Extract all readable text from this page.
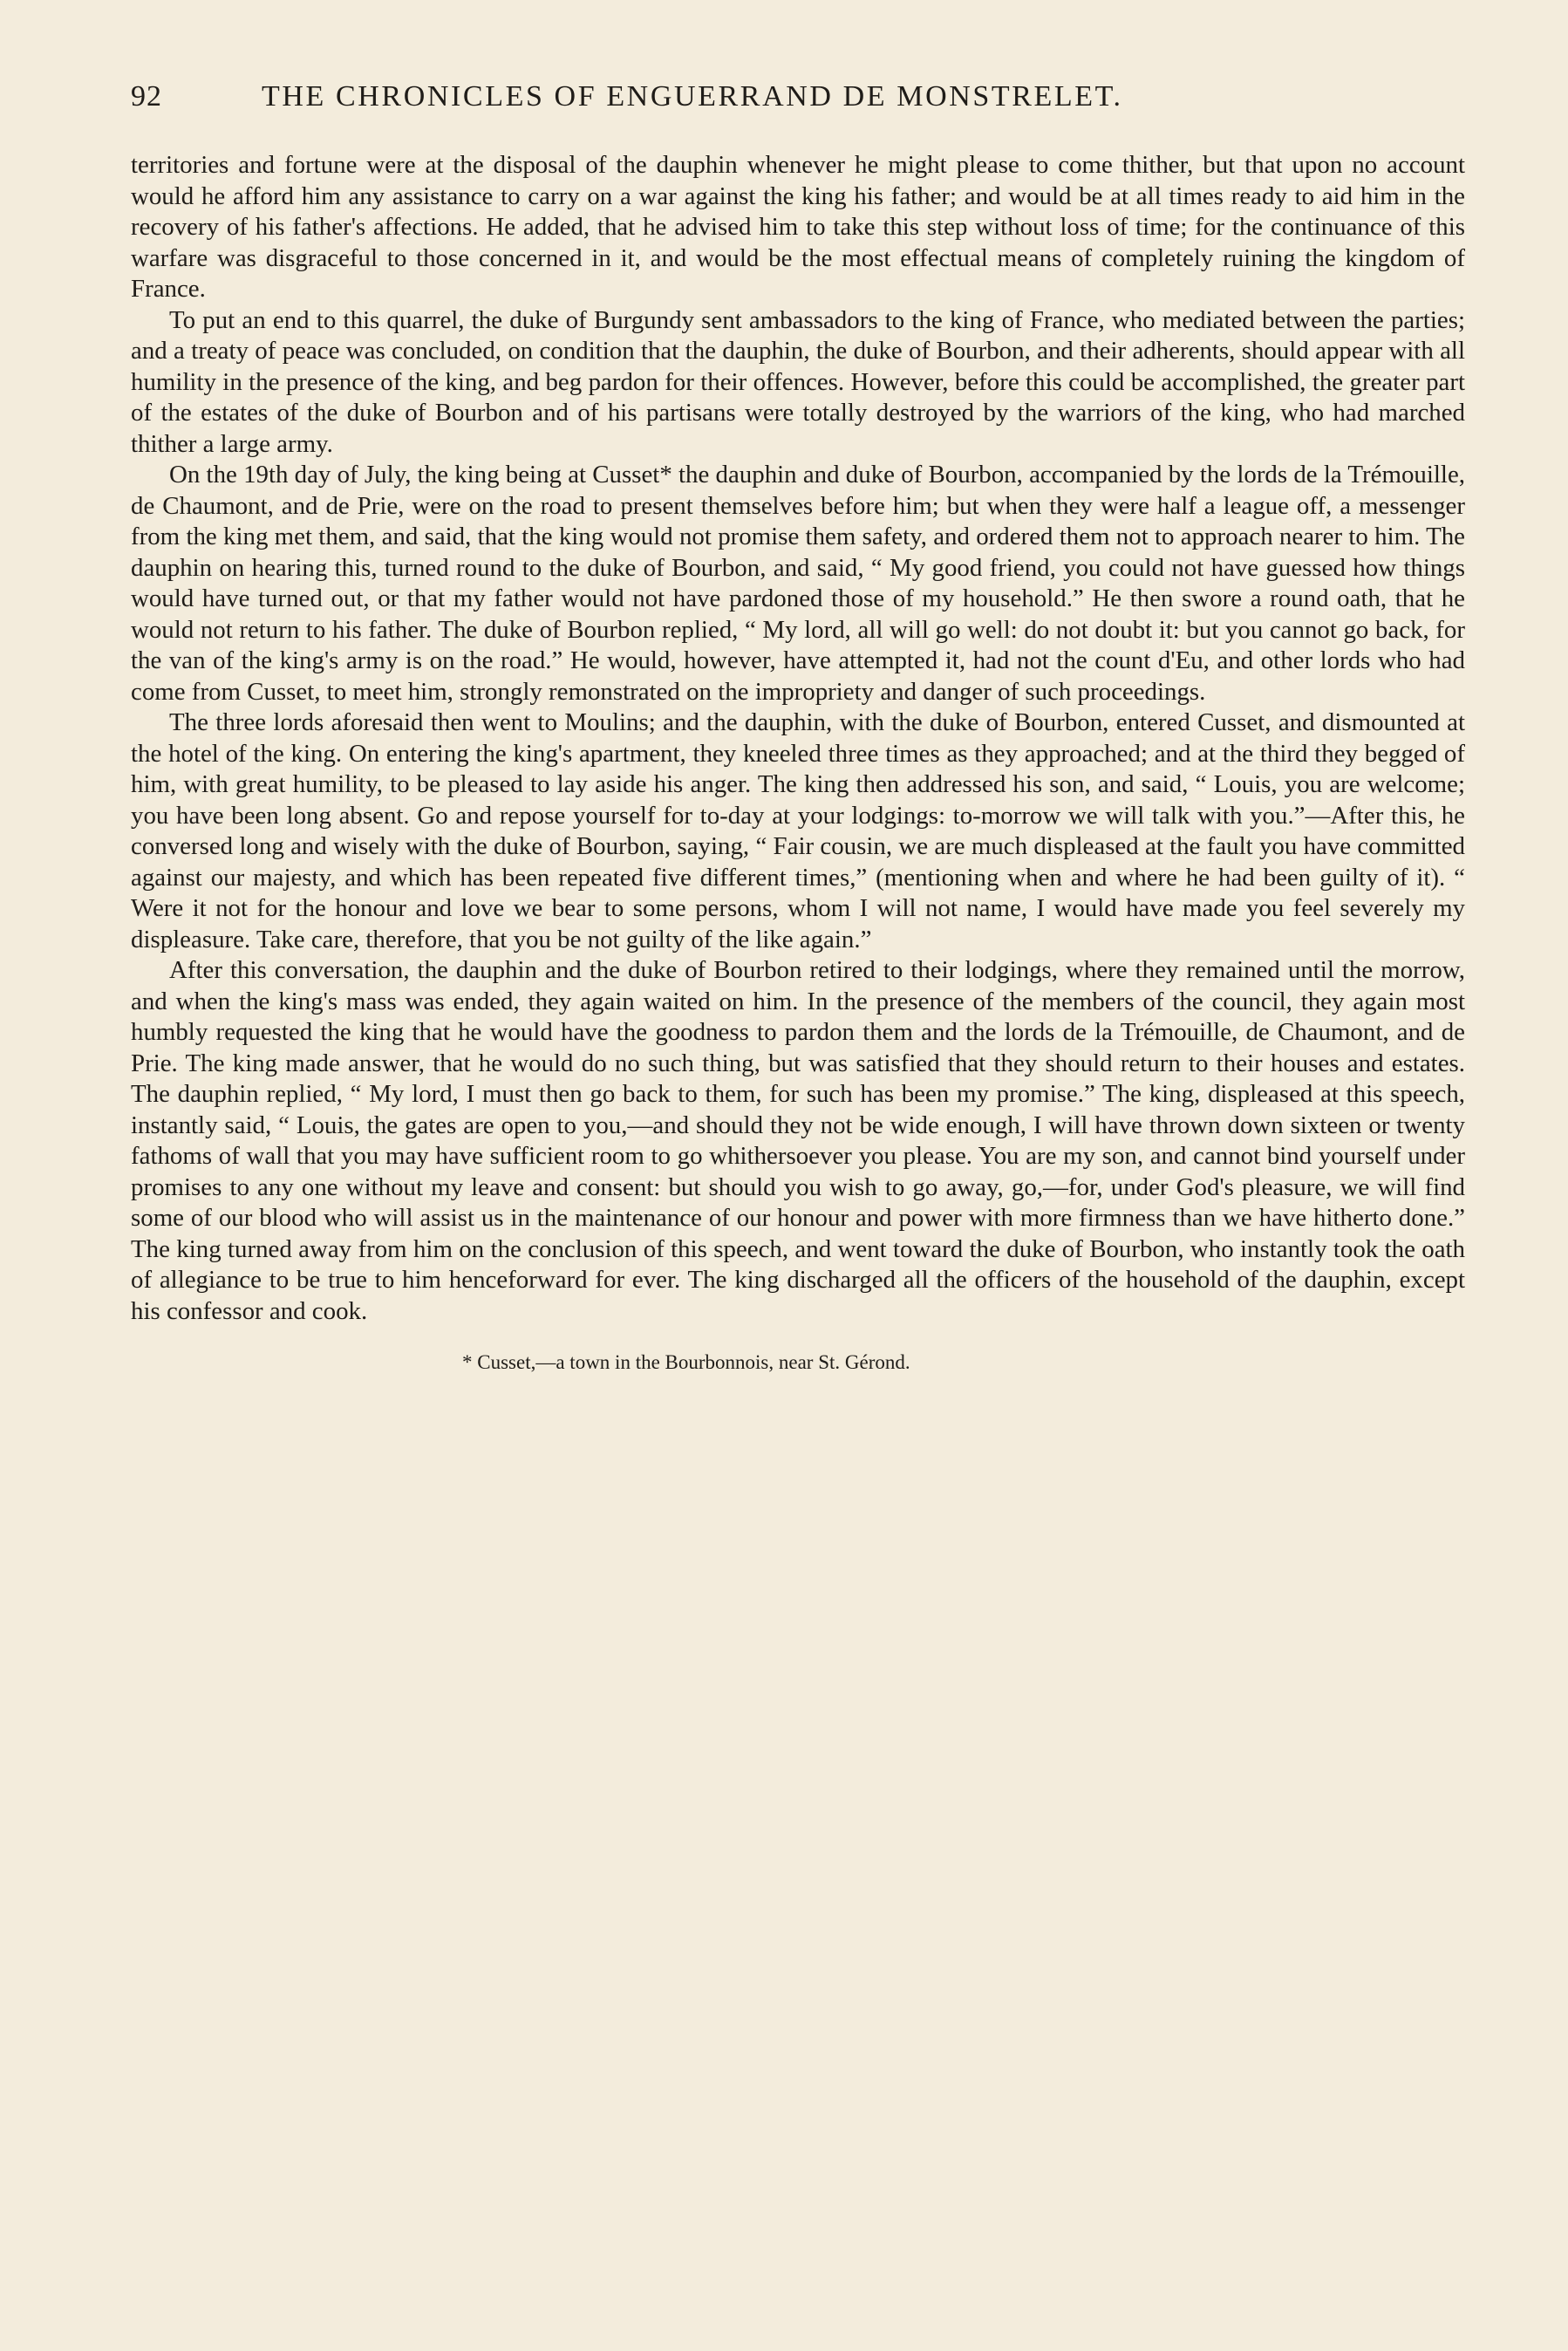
92	THE CHRONICLES OF ENGUERRAND DE MONSTRELET.

territories and fortune were at the disposal of the dauphin whenever he might please to come thither, but that upon no account would he afford him any assistance to carry on a war against the king his father; and would be at all times ready to aid him in the recovery of his father's affections. He added, that he advised him to take this step without loss of time; for the continuance of this warfare was disgraceful to those concerned in it, and would be the most effectual means of completely ruining the kingdom of France.

To put an end to this quarrel, the duke of Burgundy sent ambassadors to the king of France, who mediated between the parties; and a treaty of peace was concluded, on condition that the dauphin, the duke of Bourbon, and their adherents, should appear with all humility in the presence of the king, and beg pardon for their offences. However, before this could be accomplished, the greater part of the estates of the duke of Bourbon and of his partisans were totally destroyed by the warriors of the king, who had marched thither a large army.

On the 19th day of July, the king being at Cusset* the dauphin and duke of Bourbon, accompanied by the lords de la Trémouille, de Chaumont, and de Prie, were on the road to present themselves before him; but when they were half a league off, a messenger from the king met them, and said, that the king would not promise them safety, and ordered them not to approach nearer to him. The dauphin on hearing this, turned round to the duke of Bourbon, and said, “ My good friend, you could not have guessed how things would have turned out, or that my father would not have pardoned those of my household.” He then swore a round oath, that he would not return to his father. The duke of Bourbon replied, “ My lord, all will go well: do not doubt it: but you cannot go back, for the van of the king's army is on the road.” He would, however, have attempted it, had not the count d'Eu, and other lords who had come from Cusset, to meet him, strongly remonstrated on the impropriety and danger of such proceedings.

The three lords aforesaid then went to Moulins; and the dauphin, with the duke of Bourbon, entered Cusset, and dismounted at the hotel of the king. On entering the king's apartment, they kneeled three times as they approached; and at the third they begged of him, with great humility, to be pleased to lay aside his anger. The king then addressed his son, and said, “ Louis, you are welcome; you have been long absent. Go and repose yourself for to-day at your lodgings: to-morrow we will talk with you.”—After this, he conversed long and wisely with the duke of Bourbon, saying, “ Fair cousin, we are much displeased at the fault you have committed against our majesty, and which has been repeated five different times,” (mentioning when and where he had been guilty of it). “ Were it not for the honour and love we bear to some persons, whom I will not name, I would have made you feel severely my displeasure. Take care, therefore, that you be not guilty of the like again.”

After this conversation, the dauphin and the duke of Bourbon retired to their lodgings, where they remained until the morrow, and when the king's mass was ended, they again waited on him. In the presence of the members of the council, they again most humbly requested the king that he would have the goodness to pardon them and the lords de la Trémouille, de Chaumont, and de Prie. The king made answer, that he would do no such thing, but was satisfied that they should return to their houses and estates. The dauphin replied, “ My lord, I must then go back to them, for such has been my promise.” The king, displeased at this speech, instantly said, “ Louis, the gates are open to you,—and should they not be wide enough, I will have thrown down sixteen or twenty fathoms of wall that you may have sufficient room to go whithersoever you please. You are my son, and cannot bind yourself under promises to any one without my leave and consent: but should you wish to go away, go,—for, under God's pleasure, we will find some of our blood who will assist us in the maintenance of our honour and power with more firmness than we have hitherto done.” The king turned away from him on the conclusion of this speech, and went toward the duke of Bourbon, who instantly took the oath of allegiance to be true to him henceforward for ever. The king discharged all the officers of the household of the dauphin, except his confessor and cook.

* Cusset,—a town in the Bourbonnois, near St. Gérond.
